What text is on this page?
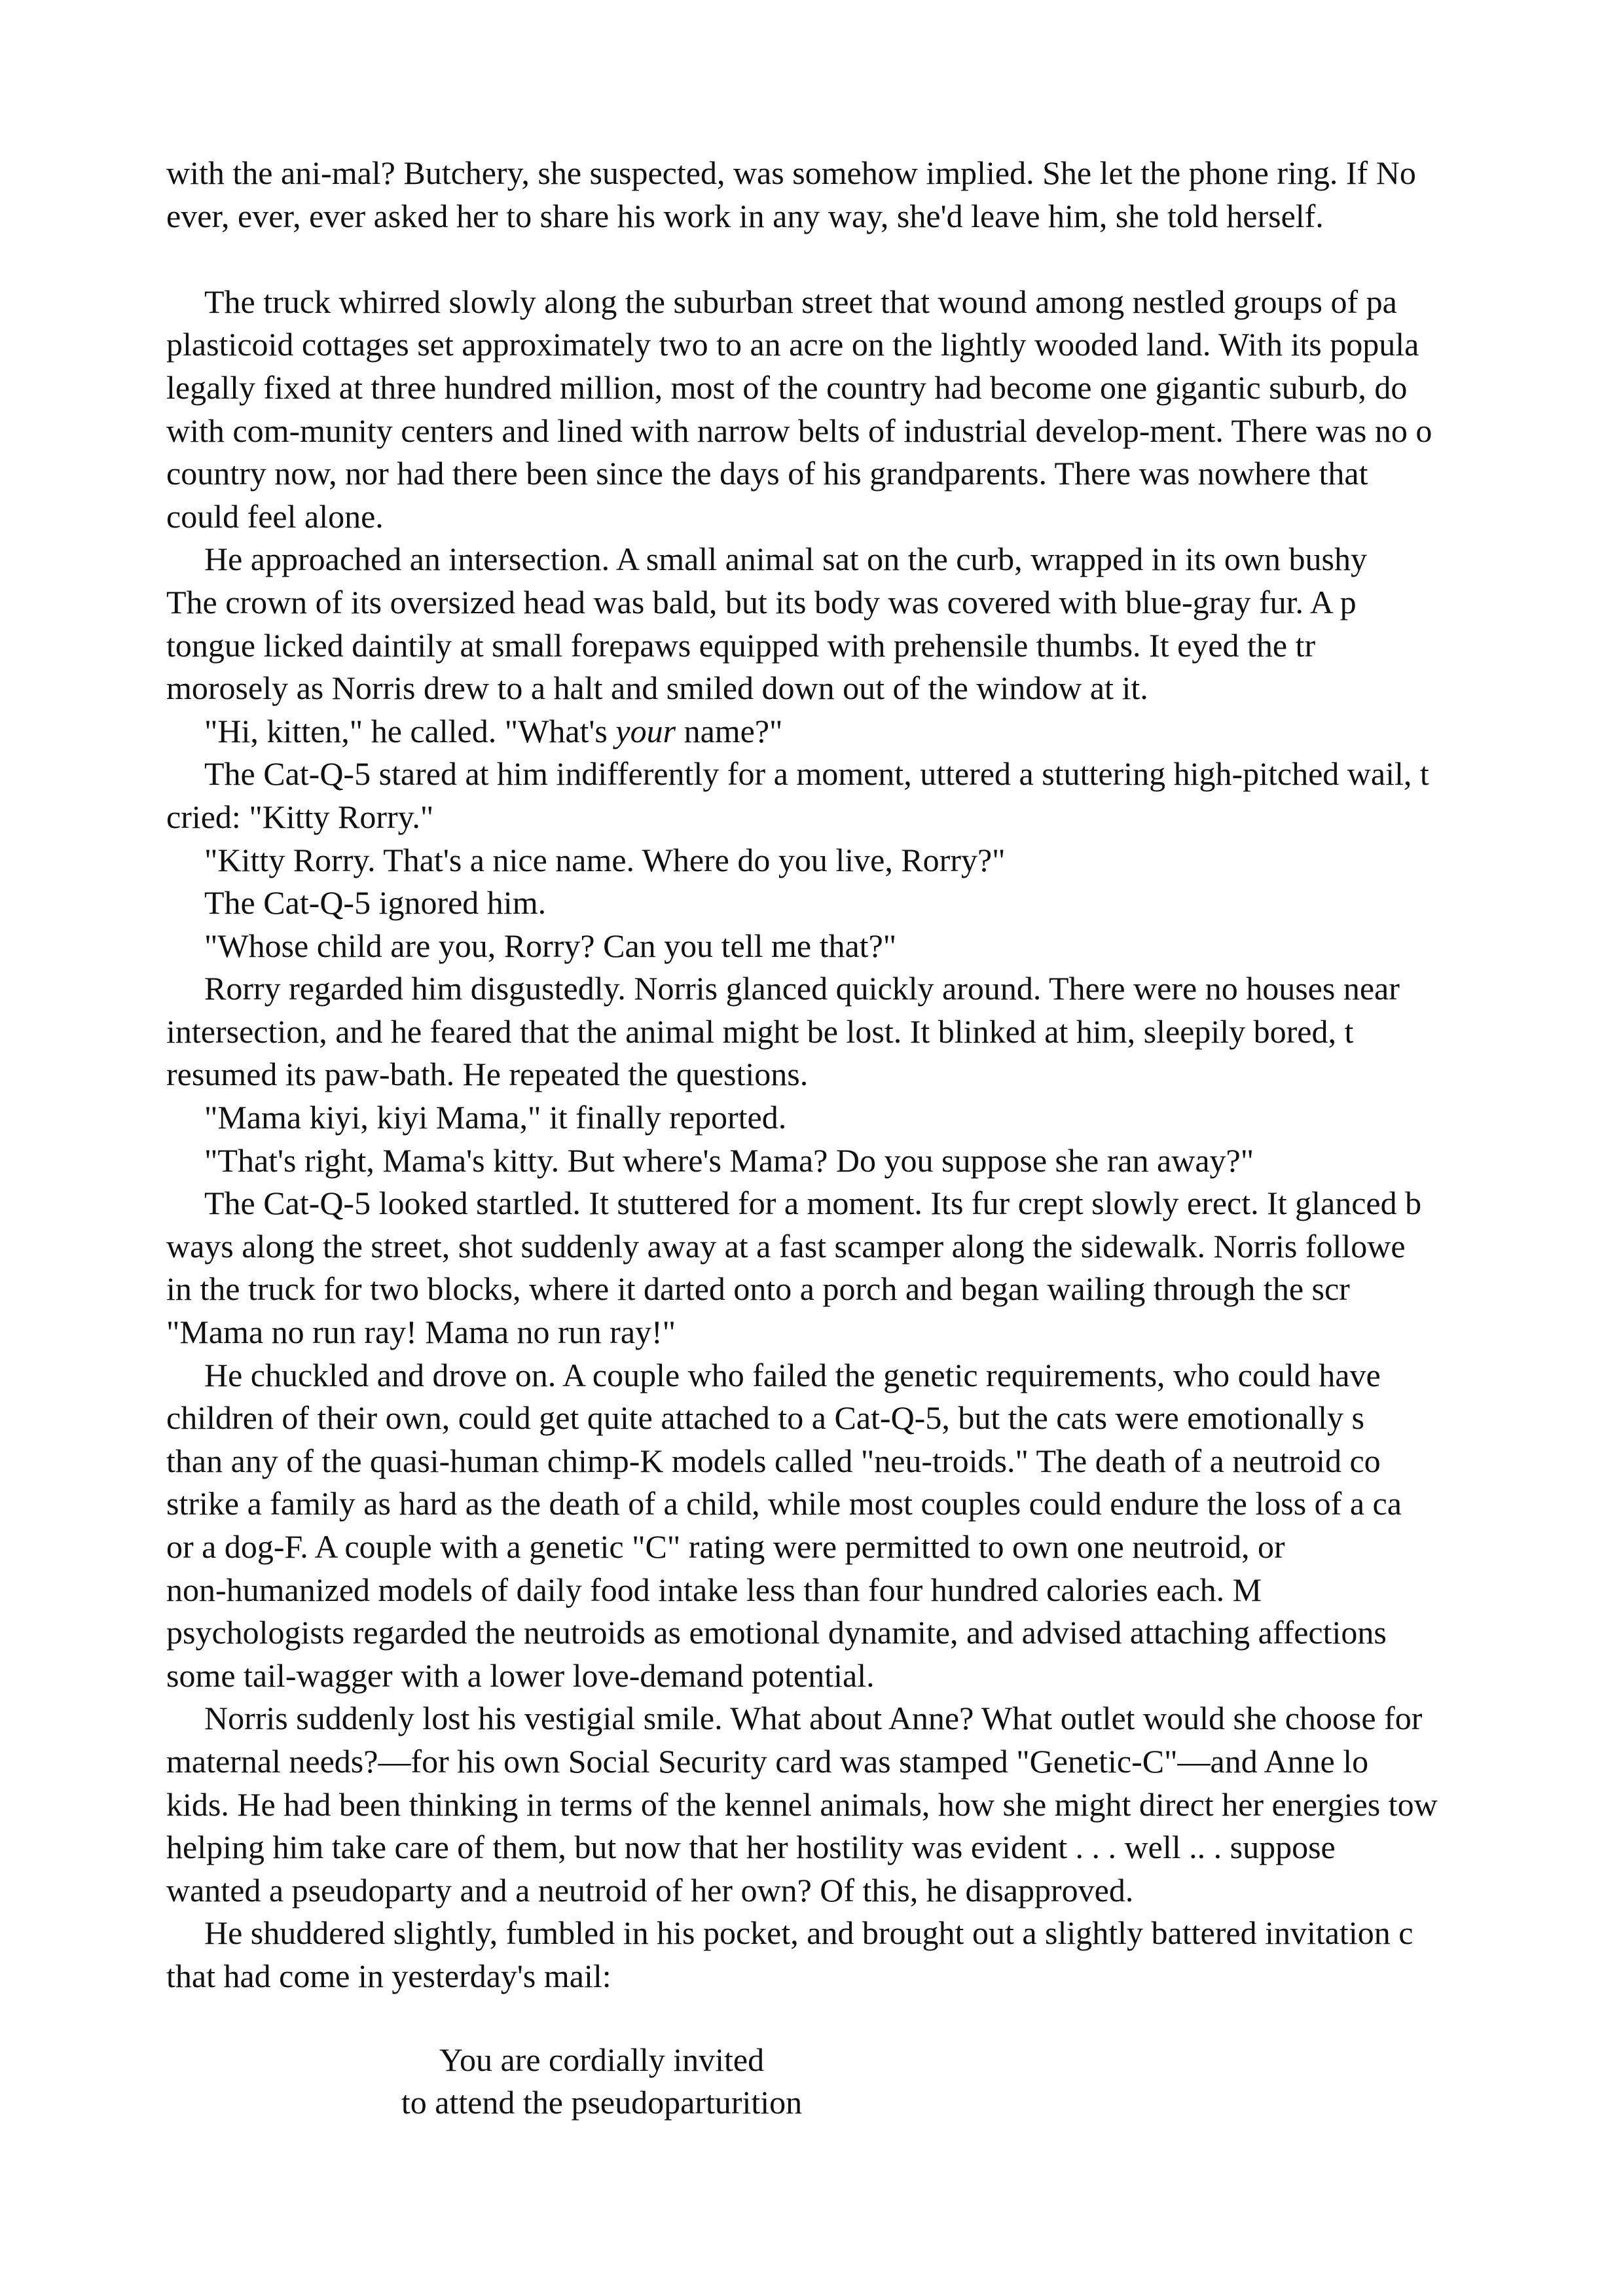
with the ani-mal? Butchery, she suspected, was somehow implied. She let the phone ring. If No
ever, ever, ever asked her to share his work in any way, she'd leave him, she told herself.
The truck whirred slowly along the suburban street that wound among nestled groups of pa
plasticoid cottages set approximately two to an acre on the lightly wooded land. With its popula
legally fixed at three hundred million, most of the country had become one gigantic suburb, do
with com-munity centers and lined with narrow belts of industrial develop-ment. There was no o
country now, nor had there been since the days of his grandparents. There was nowhere that
could feel alone.
He approached an intersection. A small animal sat on the curb, wrapped in its own bushy
The crown of its oversized head was bald, but its body was covered with blue-gray fur. A p
tongue licked daintily at small forepaws equipped with prehensile thumbs. It eyed the tr
morosely as Norris drew to a halt and smiled down out of the window at it.
"Hi, kitten," he called. "What's your name?"
The Cat-Q-5 stared at him indifferently for a moment, uttered a stuttering high-pitched wail, t
cried: "Kitty Rorry."
"Kitty Rorry. That's a nice name. Where do you live, Rorry?"
The Cat-Q-5 ignored him.
"Whose child are you, Rorry? Can you tell me that?"
Rorry regarded him disgustedly. Norris glanced quickly around. There were no houses near
intersection, and he feared that the animal might be lost. It blinked at him, sleepily bored, t
resumed its paw-bath. He repeated the questions.
"Mama kiyi, kiyi Mama," it finally reported.
"That's right, Mama's kitty. But where's Mama? Do you suppose she ran away?"
The Cat-Q-5 looked startled. It stuttered for a moment. Its fur crept slowly erect. It glanced b
ways along the street, shot suddenly away at a fast scamper along the sidewalk. Norris followe
in the truck for two blocks, where it darted onto a porch and began wailing through the scr
"Mama no run ray! Mama no run ray!"
He chuckled and drove on. A couple who failed the genetic requirements, who could have
children of their own, could get quite attached to a Cat-Q-5, but the cats were emotionally s
than any of the quasi-human chimp-K models called "neu-troids." The death of a neutroid co
strike a family as hard as the death of a child, while most couples could endure the loss of a ca
or a dog-F. A couple with a genetic "C" rating were permitted to own one neutroid, or
non-humanized models of daily food intake less than four hundred calories each. M
psychologists regarded the neutroids as emotional dynamite, and advised attaching affections
some tail-wagger with a lower love-demand potential.
Norris suddenly lost his vestigial smile. What about Anne? What outlet would she choose for
maternal needs?—for his own Social Security card was stamped "Genetic-C"—and Anne lo
kids. He had been thinking in terms of the kennel animals, how she might direct her energies tow
helping him take care of them, but now that her hostility was evident . . . well .. . suppose
wanted a pseudoparty and a neutroid of her own? Of this, he disapproved.
He shuddered slightly, fumbled in his pocket, and brought out a slightly battered invitation c
that had come in yesterday's mail:
You are cordially invited
to attend the pseudoparturition
